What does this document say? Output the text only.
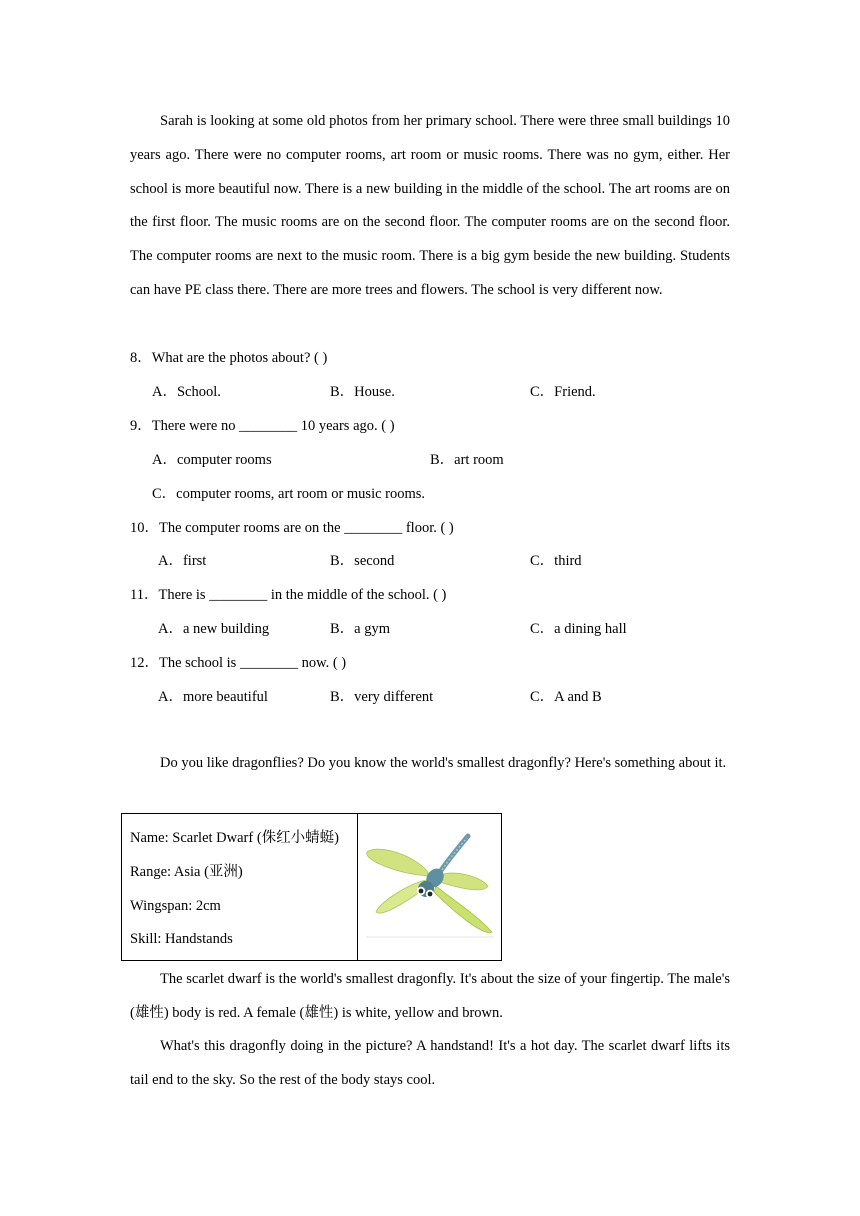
Sarah is looking at some old photos from her primary school. There were three small buildings 10 years ago. There were no computer rooms, art room or music rooms. There was no gym, either. Her school is more beautiful now. There is a new building in the middle of the school. The art rooms are on the first floor. The music rooms are on the second floor. The computer rooms are on the second floor. The computer rooms are next to the music room. There is a big gym beside the new building. Students can have PE class there. There are more trees and flowers. The school is very different now.

8．What are the photos about? ( )
A．School.	B．House.	C．Friend.
9．There were no ________ 10 years ago. ( )
A．computer rooms	B．art room
C．computer rooms, art room or music rooms.
10．The computer rooms are on the ________ floor. ( )
A．first	B．second	C．third
11．There is ________ in the middle of the school. ( )
A．a new building	B．a gym	C．a dining hall
12．The school is ________ now. ( )
A．more beautiful	B．very different	C．A and B

Do you like dragonflies? Do you know the world's smallest dragonfly? Here's something about it.

Name: Scarlet Dwarf (侏红小蜻蜓)
Range: Asia (亚洲)
Wingspan: 2cm
Skill: Handstands

The scarlet dwarf is the world's smallest dragonfly. It's about the size of your fingertip. The male's (雄性) body is red. A female (雄性) is white, yellow and brown.

What's this dragonfly doing in the picture? A handstand! It's a hot day. The scarlet dwarf lifts its tail end to the sky. So the rest of the body stays cool.
